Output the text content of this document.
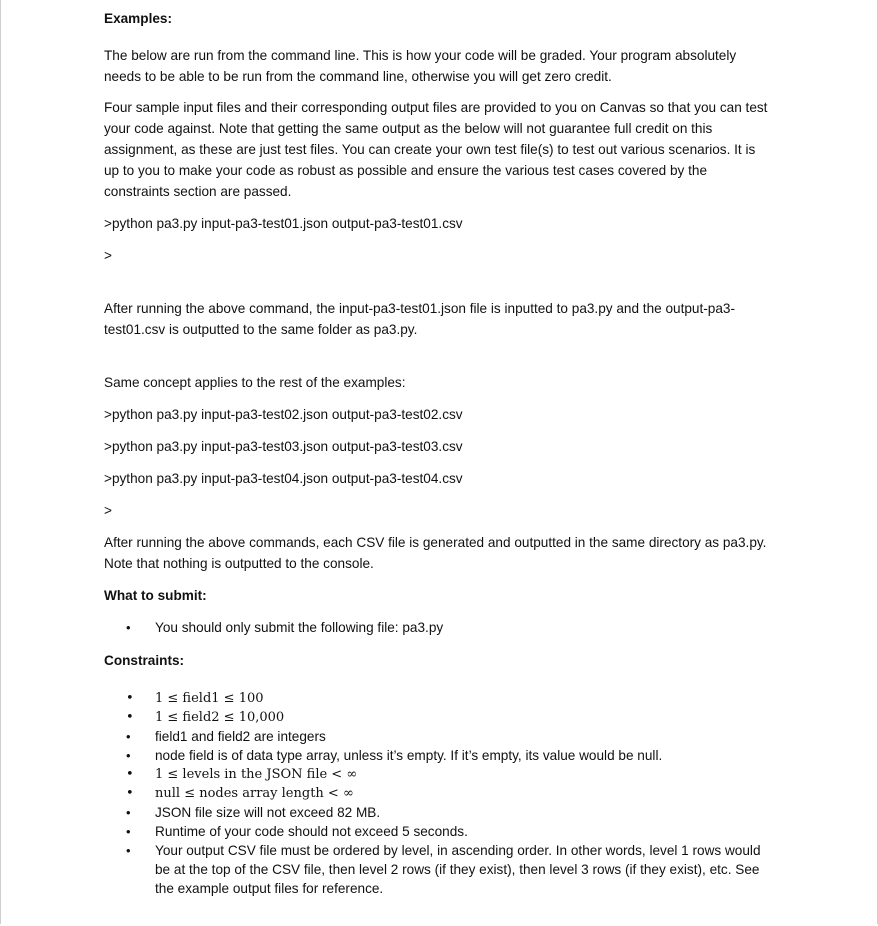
Examples:

The below are run from the command line. This is how your code will be graded. Your program absolutely needs to be able to be run from the command line, otherwise you will get zero credit.

Four sample input files and their corresponding output files are provided to you on Canvas so that you can test your code against. Note that getting the same output as the below will not guarantee full credit on this assignment, as these are just test files. You can create your own test file(s) to test out various scenarios. It is up to you to make your code as robust as possible and ensure the various test cases covered by the constraints section are passed.

>python pa3.py input-pa3-test01.json output-pa3-test01.csv

>

After running the above command, the input-pa3-test01.json file is inputted to pa3.py and the output-pa3-test01.csv is outputted to the same folder as pa3.py.

Same concept applies to the rest of the examples:

>python pa3.py input-pa3-test02.json output-pa3-test02.csv

>python pa3.py input-pa3-test03.json output-pa3-test03.csv

>python pa3.py input-pa3-test04.json output-pa3-test04.csv

>

After running the above commands, each CSV file is generated and outputted in the same directory as pa3.py. Note that nothing is outputted to the console.

What to submit:

• You should only submit the following file: pa3.py

Constraints:

• 1 ≤ field1 ≤ 100
• 1 ≤ field2 ≤ 10,000
• field1 and field2 are integers
• node field is of data type array, unless it’s empty. If it’s empty, its value would be null.
• 1 ≤ levels in the JSON file < ∞
• null ≤ nodes array length < ∞
• JSON file size will not exceed 82 MB.
• Runtime of your code should not exceed 5 seconds.
• Your output CSV file must be ordered by level, in ascending order. In other words, level 1 rows would be at the top of the CSV file, then level 2 rows (if they exist), then level 3 rows (if they exist), etc. See the example output files for reference.
